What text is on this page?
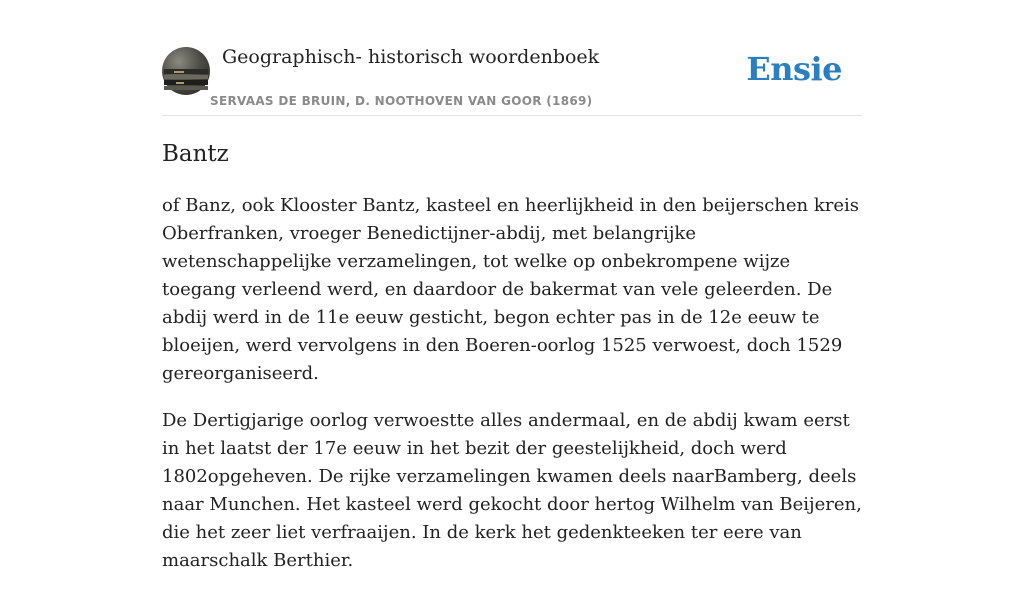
Geographisch- historisch woordenboek
SERVAAS DE BRUIN, D. NOOTHOVEN VAN GOOR (1869)
Ensie
Bantz

of Banz, ook Klooster Bantz, kasteel en heerlijkheid in den beijerschen kreis Oberfranken, vroeger Benedictijner-abdij, met belangrijke wetenschappelijke verzamelingen, tot welke op onbekrompene wijze toegang verleend werd, en daardoor de bakermat van vele geleerden. De abdij werd in de 11e eeuw gesticht, begon echter pas in de 12e eeuw te bloeijen, werd vervolgens in den Boeren-oorlog 1525 verwoest, doch 1529 gereorganiseerd.

De Dertigjarige oorlog verwoestte alles andermaal, en de abdij kwam eerst in het laatst der 17e eeuw in het bezit der geestelijkheid, doch werd 1802opgeheven. De rijke verzamelingen kwamen deels naarBamberg, deels naar Munchen. Het kasteel werd gekocht door hertog Wilhelm van Beijeren, die het zeer liet verfraaijen. In de kerk het gedenkteeken ter eere van maarschalk Berthier.
